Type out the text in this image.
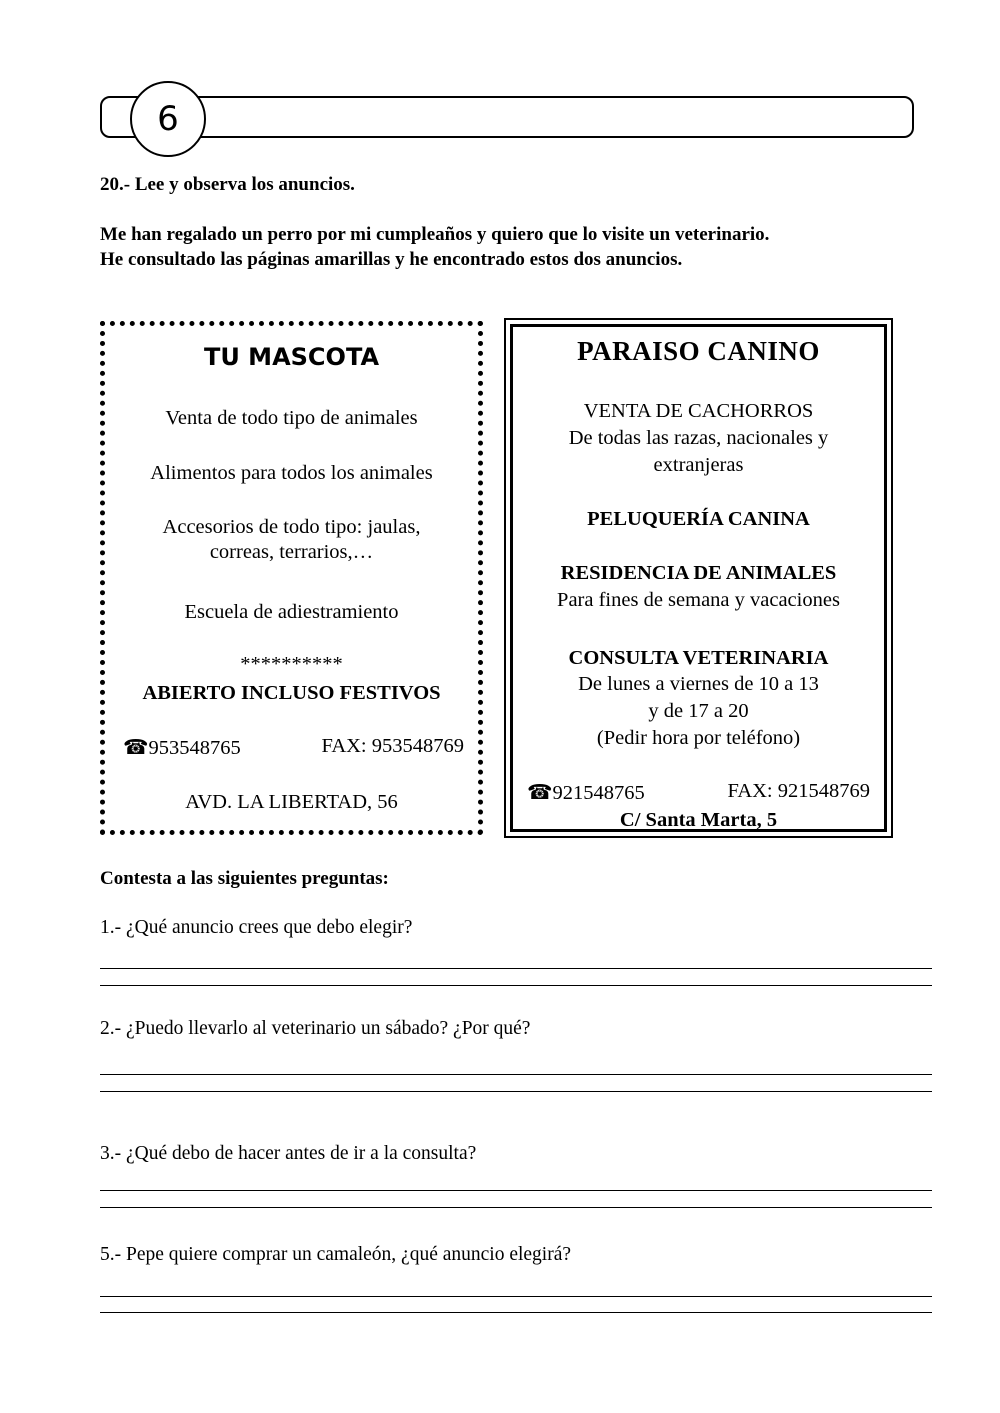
6
20.- Lee y observa los anuncios.
Me han regalado un perro por mi cumpleaños y quiero que lo visite un veterinario.
He consultado las páginas amarillas y he encontrado estos dos anuncios.
TU MASCOTA
Venta de todo tipo de animales
Alimentos para todos los animales
Accesorios de todo tipo: jaulas,
correas, terrarios,…
Escuela de adiestramiento
**********
ABIERTO INCLUSO FESTIVOS
☎953548765	FAX: 953548769
AVD. LA LIBERTAD, 56
PARAISO CANINO
VENTA DE CACHORROS
De todas las razas, nacionales y
extranjeras
PELUQUERÍA CANINA
RESIDENCIA DE ANIMALES
Para fines de semana y vacaciones
CONSULTA VETERINARIA
De lunes a viernes de 10 a 13
y de 17 a 20
(Pedir hora por teléfono)
☎921548765	FAX: 921548769
C/ Santa Marta, 5
Contesta a las siguientes preguntas:
1.- ¿Qué anuncio crees que debo elegir?
2.- ¿Puedo llevarlo al veterinario un sábado? ¿Por qué?
3.- ¿Qué debo de hacer antes de ir a la consulta?
5.- Pepe quiere comprar un camaleón, ¿qué anuncio elegirá?
